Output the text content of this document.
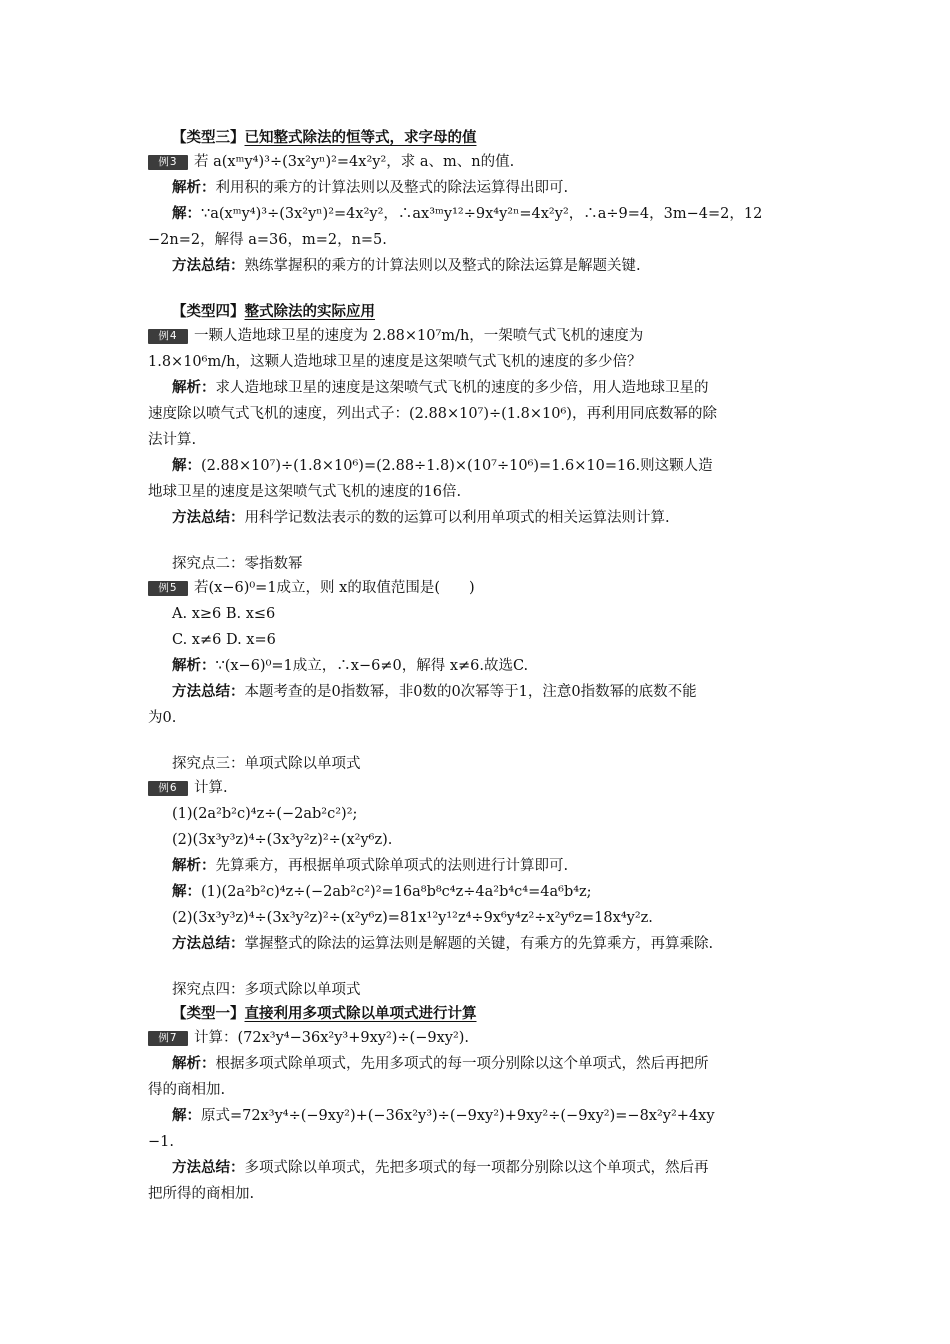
【类型三】已知整式除法的恒等式，求字母的值
例3 若 a(xᵐy⁴)³÷(3x²yⁿ)²=4x²y²，求 a、m、n的值.
解析：利用积的乘方的计算法则以及整式的除法运算得出即可.
解：∵a(xᵐy⁴)³÷(3x²yⁿ)²=4x²y²，∴ax³ᵐy¹²÷9x⁴y²ⁿ=4x²y²，∴a÷9=4，3m−4=2，12
−2n=2，解得 a=36，m=2，n=5.
方法总结：熟练掌握积的乘方的计算法则以及整式的除法运算是解题关键.
【类型四】整式除法的实际应用
例4 一颗人造地球卫星的速度为 2.88×10⁷m/h，一架喷气式飞机的速度为
1.8×10⁶m/h，这颗人造地球卫星的速度是这架喷气式飞机的速度的多少倍？
解析：求人造地球卫星的速度是这架喷气式飞机的速度的多少倍，用人造地球卫星的
速度除以喷气式飞机的速度，列出式子：(2.88×10⁷)÷(1.8×10⁶)，再利用同底数幂的除
法计算.
解：(2.88×10⁷)÷(1.8×10⁶)=(2.88÷1.8)×(10⁷÷10⁶)=1.6×10=16.则这颗人造
地球卫星的速度是这架喷气式飞机的速度的16倍.
方法总结：用科学记数法表示的数的运算可以利用单项式的相关运算法则计算.
探究点二：零指数幂
例5 若(x−6)⁰=1成立，则 x的取值范围是(　　)
A. x≥6 B. x≤6
C. x≠6 D. x=6
解析：∵(x−6)⁰=1成立，∴x−6≠0，解得 x≠6.故选C.
方法总结：本题考查的是0指数幂，非0数的0次幂等于1，注意0指数幂的底数不能
为0.
探究点三：单项式除以单项式
例6 计算.
(1)(2a²b²c)⁴z÷(−2ab²c²)²;
(2)(3x³y³z)⁴÷(3x³y²z)²÷(x²y⁶z).
解析：先算乘方，再根据单项式除单项式的法则进行计算即可.
解：(1)(2a²b²c)⁴z÷(−2ab²c²)²=16a⁸b⁸c⁴z÷4a²b⁴c⁴=4a⁶b⁴z;
(2)(3x³y³z)⁴÷(3x³y²z)²÷(x²y⁶z)=81x¹²y¹²z⁴÷9x⁶y⁴z²÷x²y⁶z=18x⁴y²z.
方法总结：掌握整式的除法的运算法则是解题的关键，有乘方的先算乘方，再算乘除.
探究点四：多项式除以单项式
【类型一】直接利用多项式除以单项式进行计算
例7 计算：(72x³y⁴−36x²y³+9xy²)÷(−9xy²).
解析：根据多项式除单项式，先用多项式的每一项分别除以这个单项式，然后再把所
得的商相加.
解：原式=72x³y⁴÷(−9xy²)+(−36x²y³)÷(−9xy²)+9xy²÷(−9xy²)=−8x²y²+4xy
−1.
方法总结：多项式除以单项式，先把多项式的每一项都分别除以这个单项式，然后再
把所得的商相加.
